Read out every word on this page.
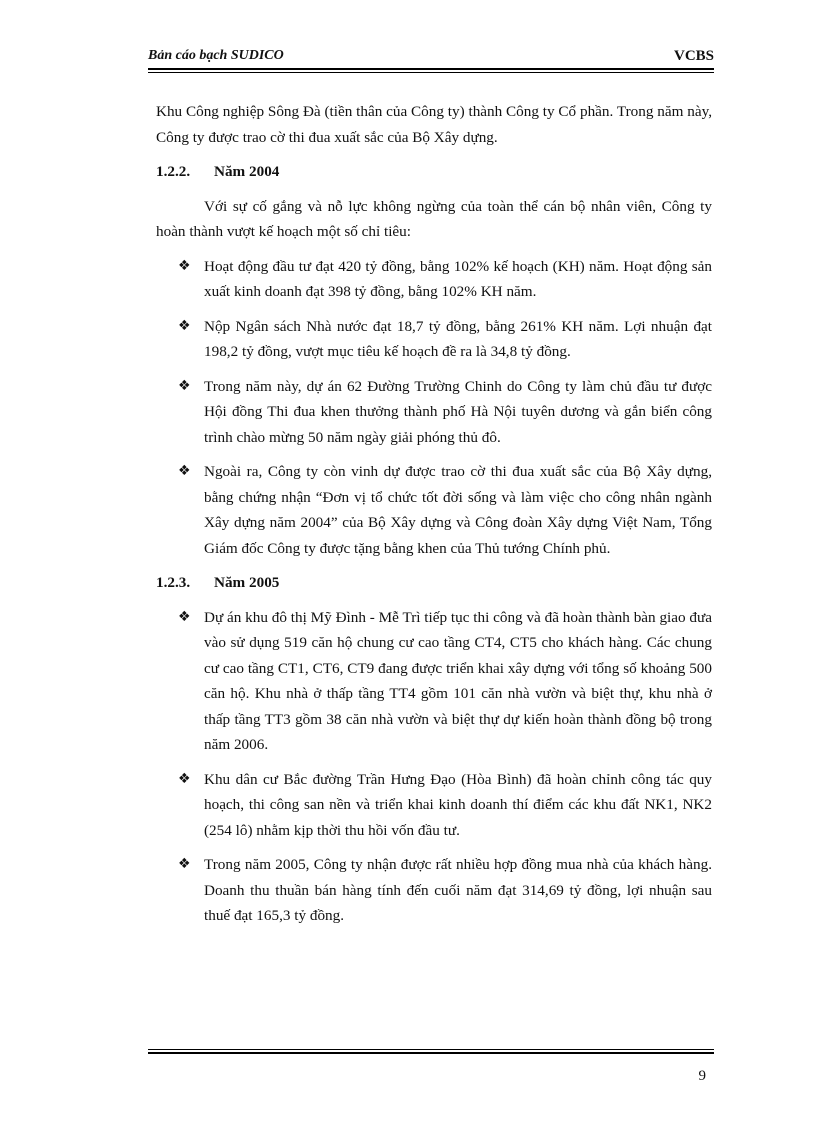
Bản cáo bạch SUDICO	VCBS

Khu Công nghiệp Sông Đà (tiền thân của Công ty) thành Công ty Cổ phần. Trong năm này, Công ty được trao cờ thi đua xuất sắc của Bộ Xây dựng.

1.2.2. Năm 2004

Với sự cố gắng và nỗ lực không ngừng của toàn thể cán bộ nhân viên, Công ty hoàn thành vượt kế hoạch một số chỉ tiêu:

❖ Hoạt động đầu tư đạt 420 tỷ đồng, bằng 102% kế hoạch (KH) năm. Hoạt động sản xuất kinh doanh đạt 398 tỷ đồng, bằng 102% KH năm.
❖ Nộp Ngân sách Nhà nước đạt 18,7 tỷ đồng, bằng 261% KH năm. Lợi nhuận đạt 198,2 tỷ đồng, vượt mục tiêu kế hoạch đề ra là 34,8 tỷ đồng.
❖ Trong năm này, dự án 62 Đường Trường Chinh do Công ty làm chủ đầu tư được Hội đồng Thi đua khen thưởng thành phố Hà Nội tuyên dương và gắn biển công trình chào mừng 50 năm ngày giải phóng thủ đô.
❖ Ngoài ra, Công ty còn vinh dự được trao cờ thi đua xuất sắc của Bộ Xây dựng, bằng chứng nhận “Đơn vị tổ chức tốt đời sống và làm việc cho công nhân ngành Xây dựng năm 2004” của Bộ Xây dựng và Công đoàn Xây dựng Việt Nam, Tổng Giám đốc Công ty được tặng bằng khen của Thủ tướng Chính phủ.
1.2.3. Năm 2005
❖ Dự án khu đô thị Mỹ Đình - Mễ Trì tiếp tục thi công và đã hoàn thành bàn giao đưa vào sử dụng 519 căn hộ chung cư cao tầng CT4, CT5 cho khách hàng. Các chung cư cao tầng CT1, CT6, CT9 đang được triển khai xây dựng với tổng số khoảng 500 căn hộ. Khu nhà ở thấp tầng TT4 gồm 101 căn nhà vườn và biệt thự, khu nhà ở thấp tầng TT3 gồm 38 căn nhà vườn và biệt thự dự kiến hoàn thành đồng bộ trong năm 2006.
❖ Khu dân cư Bắc đường Trần Hưng Đạo (Hòa Bình) đã hoàn chỉnh công tác quy hoạch, thi công san nền và triển khai kinh doanh thí điểm các khu đất NK1, NK2 (254 lô) nhằm kịp thời thu hồi vốn đầu tư.
❖ Trong năm 2005, Công ty nhận được rất nhiều hợp đồng mua nhà của khách hàng. Doanh thu thuần bán hàng tính đến cuối năm đạt 314,69 tỷ đồng, lợi nhuận sau thuế đạt 165,3 tỷ đồng.
9
